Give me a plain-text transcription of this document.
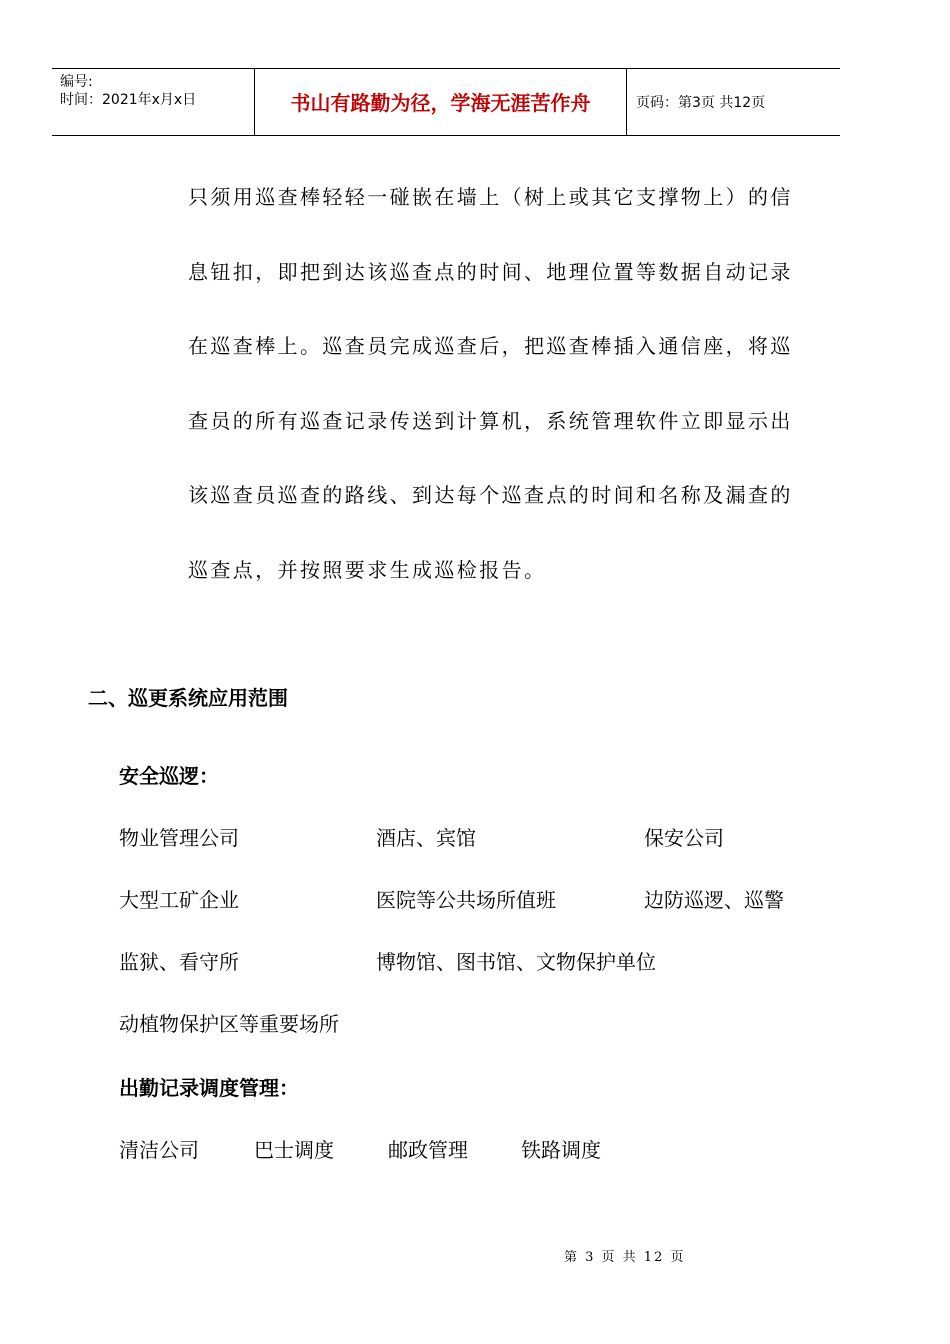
编号:
时间：2021年x月x日	书山有路勤为径，学海无涯苦作舟	页码：第3页 共12页
只须用巡查棒轻轻一碰嵌在墙上（树上或其它支撑物上）的信
息钮扣，即把到达该巡查点的时间、地理位置等数据自动记录
在巡查棒上。巡查员完成巡查后，把巡查棒插入通信座，将巡
查员的所有巡查记录传送到计算机，系统管理软件立即显示出
该巡查员巡查的路线、到达每个巡查点的时间和名称及漏查的
巡查点，并按照要求生成巡检报告。
二、巡更系统应用范围
安全巡逻：
物业管理公司	酒店、宾馆	保安公司
大型工矿企业	医院等公共场所值班	边防巡逻、巡警
监狱、看守所	博物馆、图书馆、文物保护单位
动植物保护区等重要场所
出勤记录调度管理：
清洁公司	巴士调度	邮政管理	铁路调度
第 3 页 共 12 页
